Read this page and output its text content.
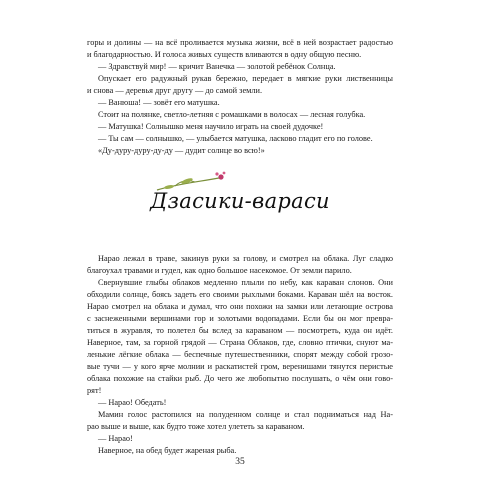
горы и долины — на всё проливается музыка жизни, всё в ней возрастает радостью
и благодарностью. И голоса живых существ вливаются в одну общую песню.
— Здравствуй мир! — кричит Ванечка — золотой ребёнок Солнца.
Опускает его радужный рукав бережно, передает в мягкие руки лиственницы
и снова — деревья друг другу — до самой земли.
— Ванюша! — зовёт его матушка.
Стоит на полянке, светло-летняя с ромашками в волосах — лесная голубка.
— Матушка! Солнышко меня научило играть на своей дудочке!
— Ты сам — солнышко, — улыбается матушка, ласково гладит его по голове.
«Ду-дуру-дуру-ду-ду — дудит солнце во всю!»
Дзасики-вараси
Нарао лежал в траве, закинув руки за голову, и смотрел на облака. Луг сладко
благоухал травами и гудел, как одно большое насекомое. От земли парило.
Свернувшие глыбы облаков медленно плыли по небу, как караван слонов. Они
обходили солнце, боясь задеть его своими рыхлыми боками. Караван шёл на восток.
Нарао смотрел на облака и думал, что они похожи на замки или летающие острова
с заснеженными вершинами гор и золотыми водопадами. Если бы он мог превра-
титься в журавля, то полетел бы вслед за караваном — посмотреть, куда он идёт.
Наверное, там, за горной грядой — Страна Облаков, где, словно птички, снуют ма-
ленькие лёгкие облака — беспечные путешественники, спорят между собой грозо-
вые тучи — у кого ярче молнии и раскатистей гром, веренишами тянутся перистые
облака похожие на стайки рыб. До чего же любопытно послушать, о чём они гово-
рят!
— Нарао! Обедать!
Мамин голос растопился на полуденном солнце и стал подниматься над На-
рао выше и выше, как будто тоже хотел улететь за караваном.
— Нарао!
Наверное, на обед будет жареная рыба.
35
